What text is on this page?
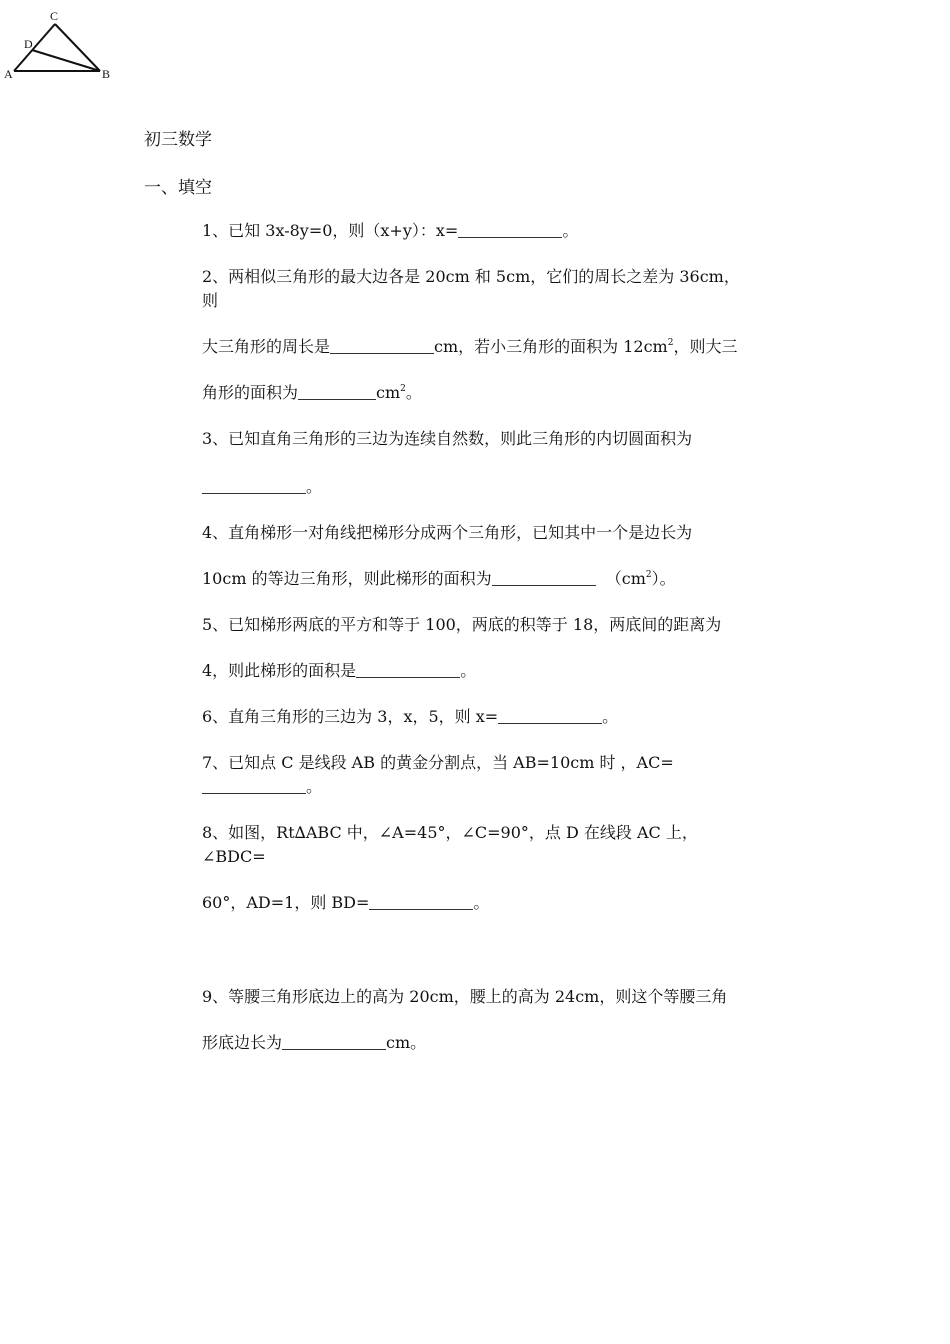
C
D
A	B
初三数学
一、填空

1、已知 3x-8y=0，则（x+y）：x=	。

2、两相似三角形的最大边各是 20cm 和 5cm，它们的周长之差为 36cm，则

大三角形的周长是	cm，若小三角形的面积为 $12cm^2$，则大三

角形的面积为	$cm^2$。

3、已知直角三角形的三边为连续自然数，则此三角形的内切圆面积为

。

4、直角梯形一对角线把梯形分成两个三角形，已知其中一个是边长为

10cm 的等边三角形，则此梯形的面积为	$(cm^2)$。

5、已知梯形两底的平方和等于 100，两底的积等于 18，两底间的距离为

4，则此梯形的面积是	。

6、直角三角形的三边为 3，x，5，则 x=	。

7、已知点 C 是线段 AB 的黄金分割点，当 AB=10cm 时 ，AC=。

8、如图，Rt∆ABC 中，∠A=45°，∠C=90°，点 D 在线段 AC 上，∠BDC=

60°，AD=1，则 BD=	。

9、等腰三角形底边上的高为 20cm，腰上的高为 24cm，则这个等腰三角

形底边长为	cm。
